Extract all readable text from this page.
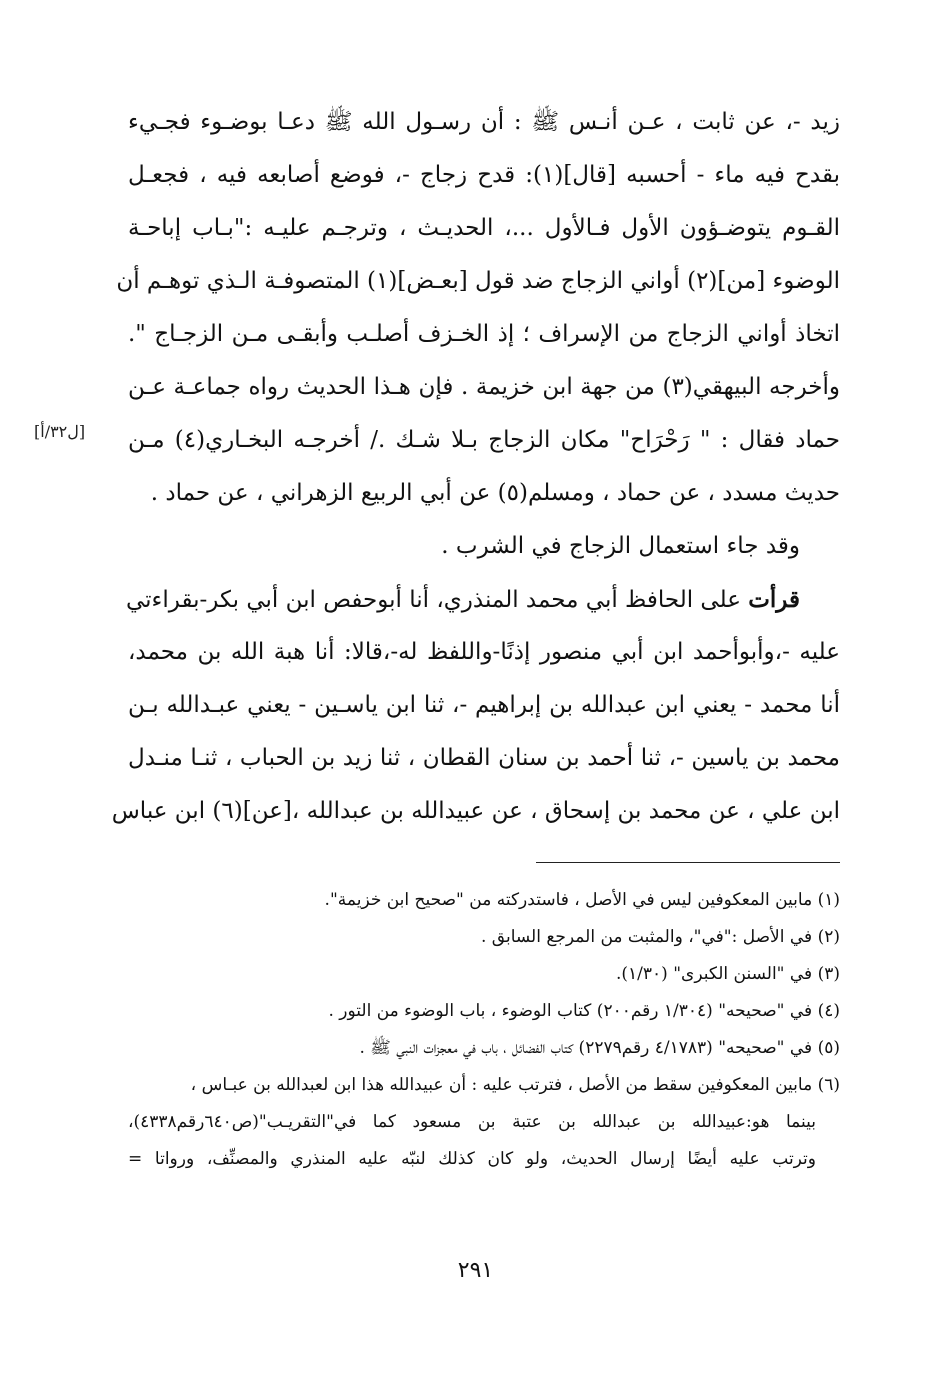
زيد -، عن ثابت ، عـن أنـس ﷺ : أن رسـول الله ﷺ دعـا بوضـوء فجـيء
بقدح فيه ماء - أحسبه [قال](١): قدح زجاج -، فوضع أصابعه فيه ، فجعـل
القـوم يتوضـؤون الأول فـالأول ...، الحديـث ، وترجـم عليـه :"بـاب إباحـة
الوضوء [من](٢) أواني الزجاج ضد قول [بعـض](١) المتصوفـة الـذي توهـم أن
اتخاذ أواني الزجاج من الإسراف ؛ إذ الخـزف أصلـب وأبقـى مـن الزجـاج ".
وأخرجه البيهقي(٣) من جهة ابن خزيمة . فإن هـذا الحديث رواه جماعـة عـن
حماد فقال : " رَحْرَاح" مكان الزجاج بـلا شـك ./ أخرجـه البخـاري(٤) مـن
حديث مسدد ، عن حماد ، ومسلم(٥) عن أبي الربيع الزهراني ، عن حماد .
وقد جاء استعمال الزجاج في الشرب .
قرأت على الحافظ أبي محمد المنذري، أنا أبوحفص ابن أبي بكر-بقراءتي
عليه -،وأبوأحمد ابن أبي منصور إذنًا-واللفظ له-،قالا: أنا هبة الله بن محمد،
أنا محمد - يعني ابن عبدالله بن إبراهيم -، ثنا ابن ياسـين - يعني عبـدالله بـن
محمد بن ياسين -، ثنا أحمد بن سنان القطان ، ثنا زيد بن الحباب ، ثنـا منـدل
ابن علي ، عن محمد بن إسحاق ، عن عبيدالله بن عبدالله ،[عن](٦) ابن عباس
[ل٣٢/أ]
(١) مابين المعكوفين ليس في الأصل ، فاستدركته من "صحيح ابن خزيمة".
(٢) في الأصل :"في"، والمثبت من المرجع السابق .
(٣) في "السنن الكبرى" (١/٣٠).
(٤) في "صحيحه" (١/٣٠٤ رقم٢٠٠) كتاب الوضوء ، باب الوضوء من التور .
(٥) في "صحيحه" (٤/١٧٨٣ رقم٢٢٧٩) كتاب الفضائل ، باب في معجزات النبي ﷺ .
(٦) مابين المعكوفين سقط من الأصل ، فترتب عليه : أن عبيدالله هذا ابن لعبدالله بن عبـاس ،
بينما هو:عبيدالله بن عبدالله بن عتبة بن مسعود كما في"التقريـب"(ص٦٤٠رقم٤٣٣٨)،
وترتب عليه أيضًا إرسال الحديث، ولو كان كذلك لنبّه عليه المنذري والمصنِّف، ورواتا =
٢٩١
